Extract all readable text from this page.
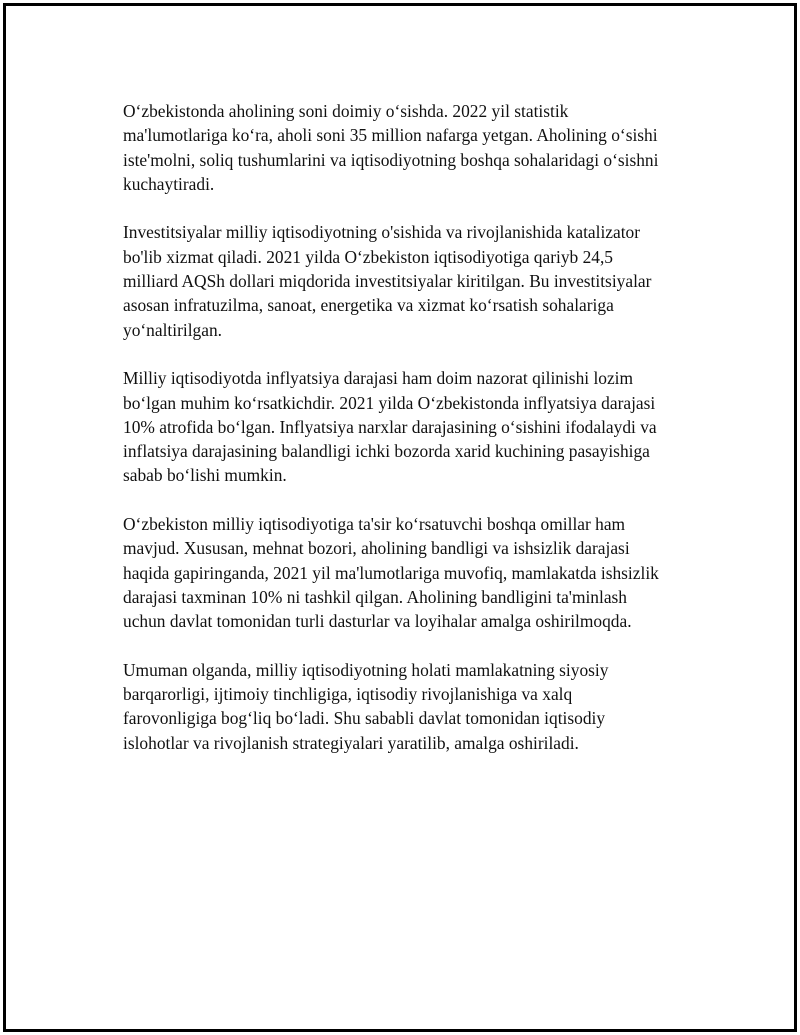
O‘zbekistonda aholining soni doimiy o‘sishda. 2022 yil statistik
ma'lumotlariga ko‘ra, aholi soni 35 million nafarga yetgan. Aholining o‘sishi
iste'molni, soliq tushumlarini va iqtisodiyotning boshqa sohalaridagi o‘sishni
kuchaytiradi.

Investitsiyalar milliy iqtisodiyotning o'sishida va rivojlanishida katalizator
bo'lib xizmat qiladi. 2021 yilda O‘zbekiston iqtisodiyotiga qariyb 24,5
milliard AQSh dollari miqdorida investitsiyalar kiritilgan. Bu investitsiyalar
asosan infratuzilma, sanoat, energetika va xizmat ko‘rsatish sohalariga
yo‘naltirilgan.

Milliy iqtisodiyotda inflyatsiya darajasi ham doim nazorat qilinishi lozim
bo‘lgan muhim ko‘rsatkichdir. 2021 yilda O‘zbekistonda inflyatsiya darajasi
10% atrofida bo‘lgan. Inflyatsiya narxlar darajasining o‘sishini ifodalaydi va
inflatsiya darajasining balandligi ichki bozorda xarid kuchining pasayishiga
sabab bo‘lishi mumkin.

O‘zbekiston milliy iqtisodiyotiga ta'sir ko‘rsatuvchi boshqa omillar ham
mavjud. Xususan, mehnat bozori, aholining bandligi va ishsizlik darajasi
haqida gapiringanda, 2021 yil ma'lumotlariga muvofiq, mamlakatda ishsizlik
darajasi taxminan 10% ni tashkil qilgan. Aholining bandligini ta'minlash
uchun davlat tomonidan turli dasturlar va loyihalar amalga oshirilmoqda.

Umuman olganda, milliy iqtisodiyotning holati mamlakatning siyosiy
barqarorligi, ijtimoiy tinchligiga, iqtisodiy rivojlanishiga va xalq
farovonligiga bog‘liq bo‘ladi. Shu sababli davlat tomonidan iqtisodiy
islohotlar va rivojlanish strategiyalari yaratilib, amalga oshiriladi.
